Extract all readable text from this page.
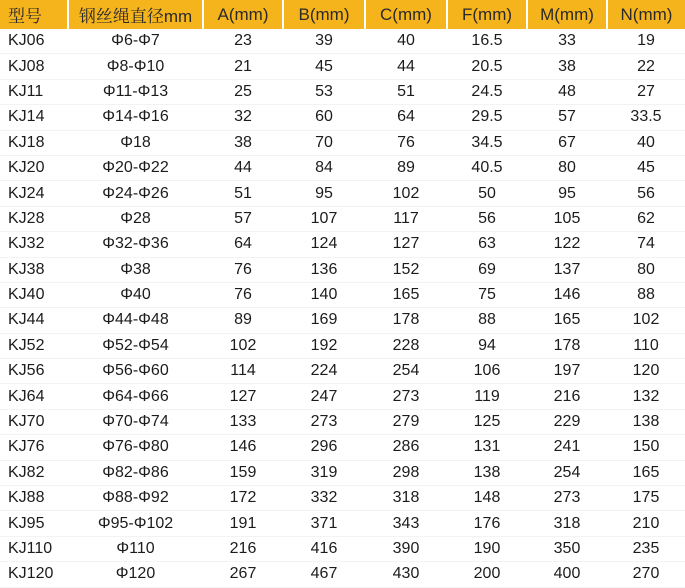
型号	钢丝绳直径mm	A(mm)	B(mm)	C(mm)	F(mm)	M(mm)	N(mm)
KJ06	Φ6-Φ7	23	39	40	16.5	33	19
KJ08	Φ8-Φ10	21	45	44	20.5	38	22
KJ11	Φ11-Φ13	25	53	51	24.5	48	27
KJ14	Φ14-Φ16	32	60	64	29.5	57	33.5
KJ18	Φ18	38	70	76	34.5	67	40
KJ20	Φ20-Φ22	44	84	89	40.5	80	45
KJ24	Φ24-Φ26	51	95	102	50	95	56
KJ28	Φ28	57	107	117	56	105	62
KJ32	Φ32-Φ36	64	124	127	63	122	74
KJ38	Φ38	76	136	152	69	137	80
KJ40	Φ40	76	140	165	75	146	88
KJ44	Φ44-Φ48	89	169	178	88	165	102
KJ52	Φ52-Φ54	102	192	228	94	178	110
KJ56	Φ56-Φ60	114	224	254	106	197	120
KJ64	Φ64-Φ66	127	247	273	119	216	132
KJ70	Φ70-Φ74	133	273	279	125	229	138
KJ76	Φ76-Φ80	146	296	286	131	241	150
KJ82	Φ82-Φ86	159	319	298	138	254	165
KJ88	Φ88-Φ92	172	332	318	148	273	175
KJ95	Φ95-Φ102	191	371	343	176	318	210
KJ110	Φ110	216	416	390	190	350	235
KJ120	Φ120	267	467	430	200	400	270
